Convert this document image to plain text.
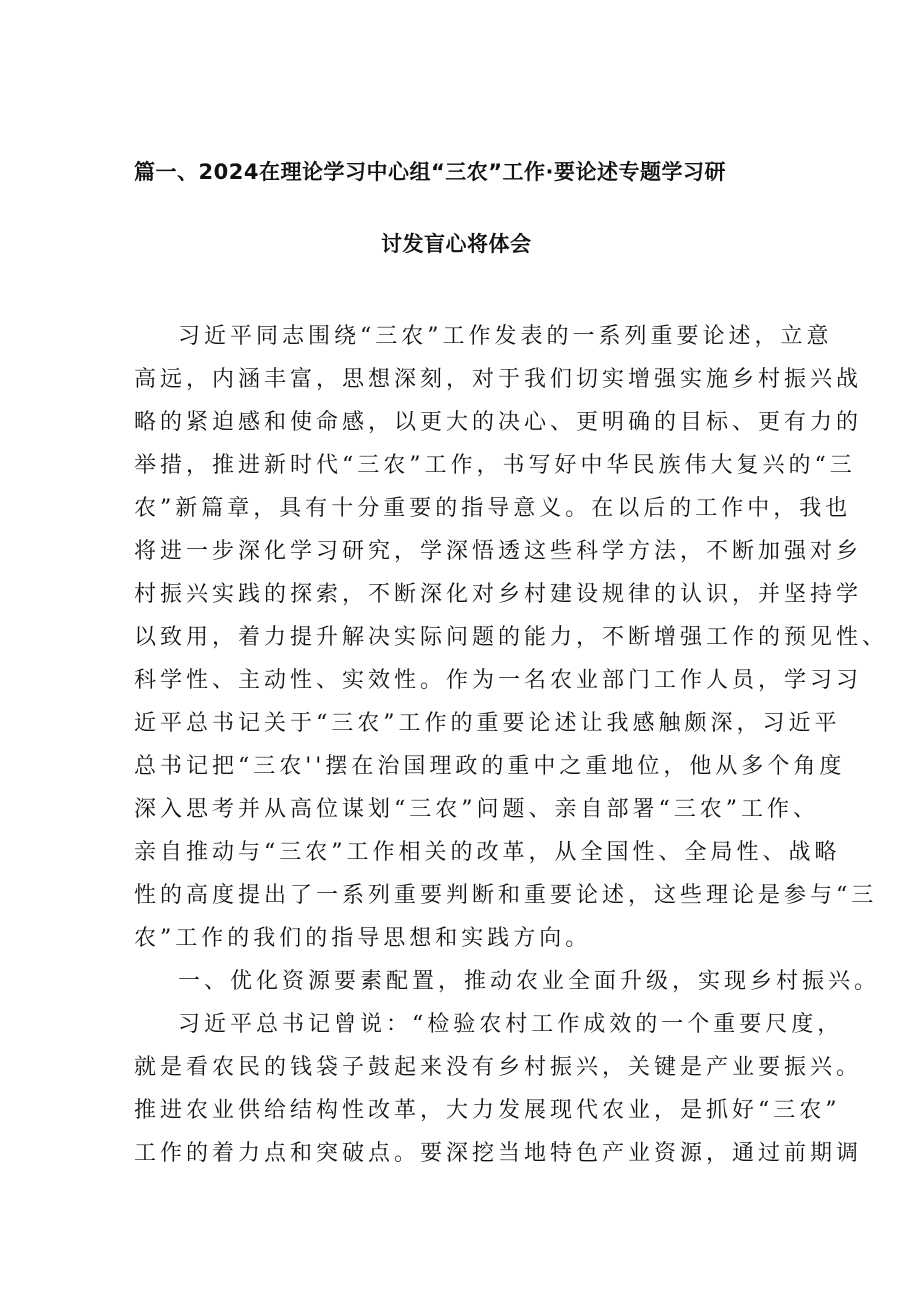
篇一、2024在理论学习中心组“三农”工作·要论述专题学习研
讨发盲心将体会
习近平同志围绕“三农”工作发表的一系列重要论述，立意
高远，内涵丰富，思想深刻，对于我们切实增强实施乡村振兴战
略的紧迫感和使命感，以更大的决心、更明确的目标、更有力的
举措，推进新时代“三农”工作，书写好中华民族伟大复兴的“三
农”新篇章，具有十分重要的指导意义。在以后的工作中，我也
将进一步深化学习研究，学深悟透这些科学方法，不断加强对乡
村振兴实践的探索，不断深化对乡村建设规律的认识，并坚持学
以致用，着力提升解决实际问题的能力，不断增强工作的预见性、
科学性、主动性、实效性。作为一名农业部门工作人员，学习习
近平总书记关于“三农”工作的重要论述让我感触颇深，习近平
总书记把“三农''摆在治国理政的重中之重地位，他从多个角度
深入思考并从高位谋划“三农”问题、亲自部署“三农”工作、
亲自推动与“三农”工作相关的改革，从全国性、全局性、战略
性的高度提出了一系列重要判断和重要论述，这些理论是参与“三
农”工作的我们的指导思想和实践方向。
一、优化资源要素配置，推动农业全面升级，实现乡村振兴。
习近平总书记曾说：“检验农村工作成效的一个重要尺度，
就是看农民的钱袋子鼓起来没有乡村振兴，关键是产业要振兴。
推进农业供给结构性改革，大力发展现代农业，是抓好“三农”
工作的着力点和突破点。要深挖当地特色产业资源，通过前期调
